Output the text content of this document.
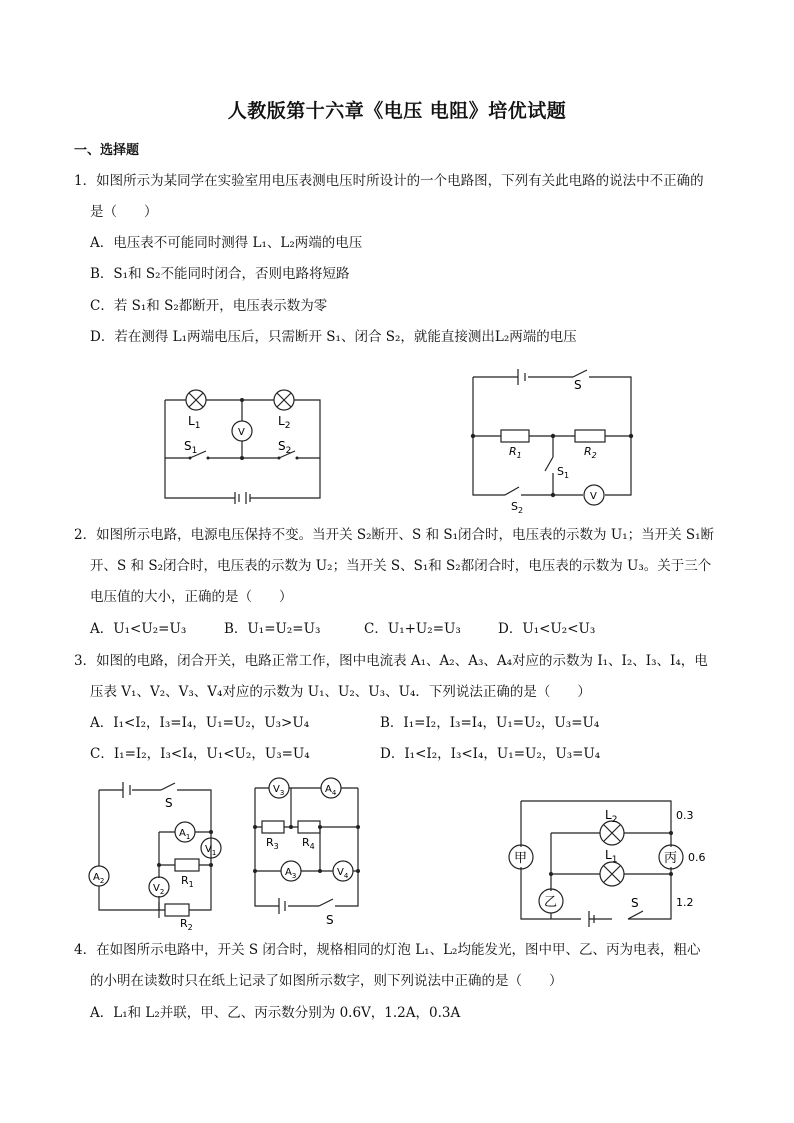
人教版第十六章《电压 电阻》培优试题
一、选择题
1．如图所示为某同学在实验室用电压表测电压时所设计的一个电路图，下列有关此电路的说法中不正确的
是（　　）
A．电压表不可能同时测得 L₁、L₂两端的电压
B．S₁和 S₂不能同时闭合，否则电路将短路
C．若 S₁和 S₂都断开，电压表示数为零
D．若在测得 L₁两端电压后，只需断开 S₁、闭合 S₂，就能直接测出L₂两端的电压
$L_1$	$L_2$
V
$S_1$	$S_2$
S
$R_1$	$R_2$
$S_1$
$S_2$
V
2．如图所示电路，电源电压保持不变。当开关 S₂断开、S 和 S₁闭合时，电压表的示数为 U₁；当开关 S₁断
开、S 和 S₂闭合时，电压表的示数为 U₂；当开关 S、S₁和 S₂都闭合时，电压表的示数为 U₃。关于三个
电压值的大小，正确的是（　　）
A．U₁<U₂=U₃	B．U₁=U₂=U₃	C．U₁+U₂=U₃	D．U₁<U₂<U₃
3．如图的电路，闭合开关，电路正常工作，图中电流表 A₁、A₂、A₃、A₄对应的示数为 I₁、I₂、I₃、I₄，电
压表 V₁、V₂、V₃、V₄对应的示数为 U₁、U₂、U₃、U₄．下列说法正确的是（　　）
A．I₁<I₂，I₃=I₄，U₁=U₂，U₃>U₄	B．I₁=I₂，I₃=I₄，U₁=U₂，U₃=U₄
C．I₁=I₂，I₃<I₄，U₁<U₂，U₃=U₄	D．I₁<I₂，I₃<I₄，U₁=U₂，U₃=U₄
S
$A_1$
$V_1$
$R_1$
$A_2$
$V_2$
$R_2$
$V_3$	$A_4$
$R_3$ $R_4$
$A_3$	$V_4$
S
$L_2$
$L_1$
甲
乙
丙
S
0.3
0.6
1.2
4．在如图所示电路中，开关 S 闭合时，规格相同的灯泡 L₁、L₂均能发光，图中甲、乙、丙为电表，粗心
的小明在读数时只在纸上记录了如图所示数字，则下列说法中正确的是（　　）
A．L₁和 L₂并联，甲、乙、丙示数分别为 0.6V，1.2A，0.3A
